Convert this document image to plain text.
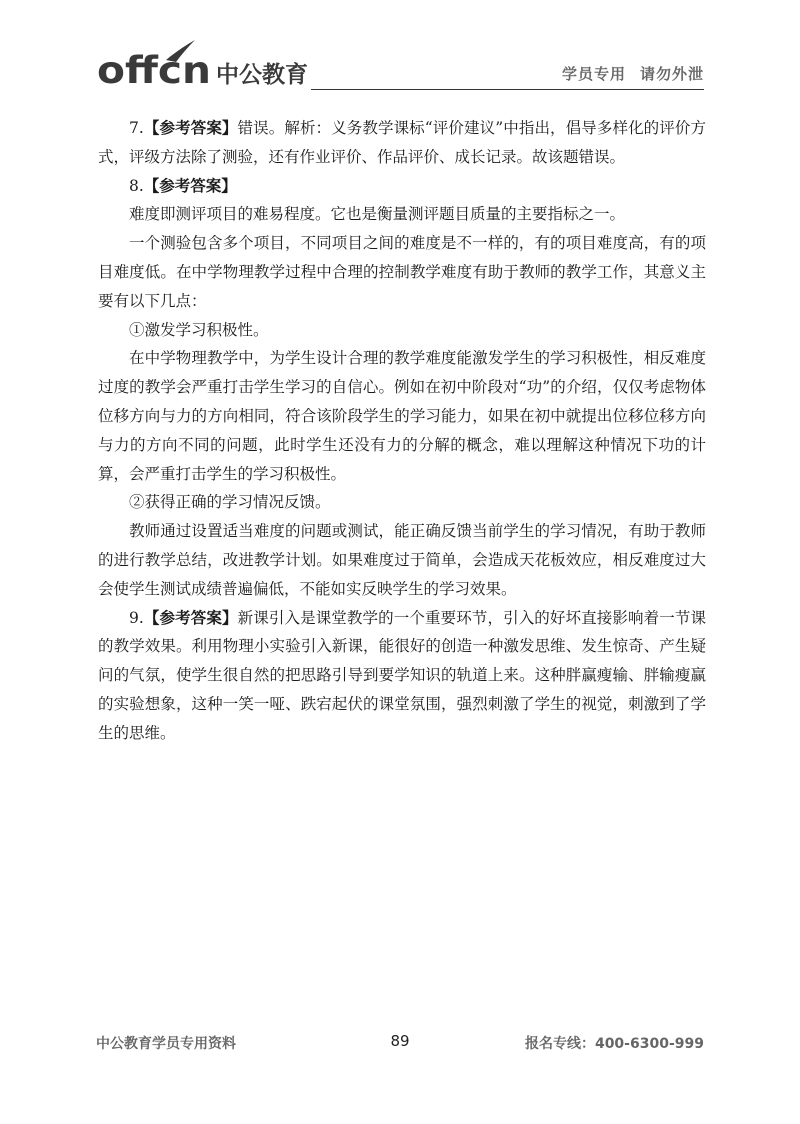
offcn 中公教育	学员专用 请勿外泄

7.【参考答案】错误。解析：义务教学课标“评价建议”中指出，倡导多样化的评价方式，评级方法除了测验，还有作业评价、作品评价、成长记录。故该题错误。

8.【参考答案】

难度即测评项目的难易程度。它也是衡量测评题目质量的主要指标之一。

一个测验包含多个项目，不同项目之间的难度是不一样的，有的项目难度高，有的项目难度低。在中学物理教学过程中合理的控制教学难度有助于教师的教学工作，其意义主要有以下几点：

①激发学习积极性。

在中学物理教学中，为学生设计合理的教学难度能激发学生的学习积极性，相反难度过度的教学会严重打击学生学习的自信心。例如在初中阶段对“功”的介绍，仅仅考虑物体位移方向与力的方向相同，符合该阶段学生的学习能力，如果在初中就提出位移位移方向与力的方向不同的问题，此时学生还没有力的分解的概念，难以理解这种情况下功的计算，会严重打击学生的学习积极性。

②获得正确的学习情况反馈。

教师通过设置适当难度的问题或测试，能正确反馈当前学生的学习情况，有助于教师的进行教学总结，改进教学计划。如果难度过于简单，会造成天花板效应，相反难度过大会使学生测试成绩普遍偏低，不能如实反映学生的学习效果。

9.【参考答案】新课引入是课堂教学的一个重要环节，引入的好坏直接影响着一节课的教学效果。利用物理小实验引入新课，能很好的创造一种激发思维、发生惊奇、产生疑问的气氛，使学生很自然的把思路引导到要学知识的轨道上来。这种胖赢瘦输、胖输瘦赢的实验想象，这种一笑一哑、跌宕起伏的课堂氛围，强烈刺激了学生的视觉，刺激到了学生的思维。

中公教育学员专用资料	89	报名专线：400-6300-999
